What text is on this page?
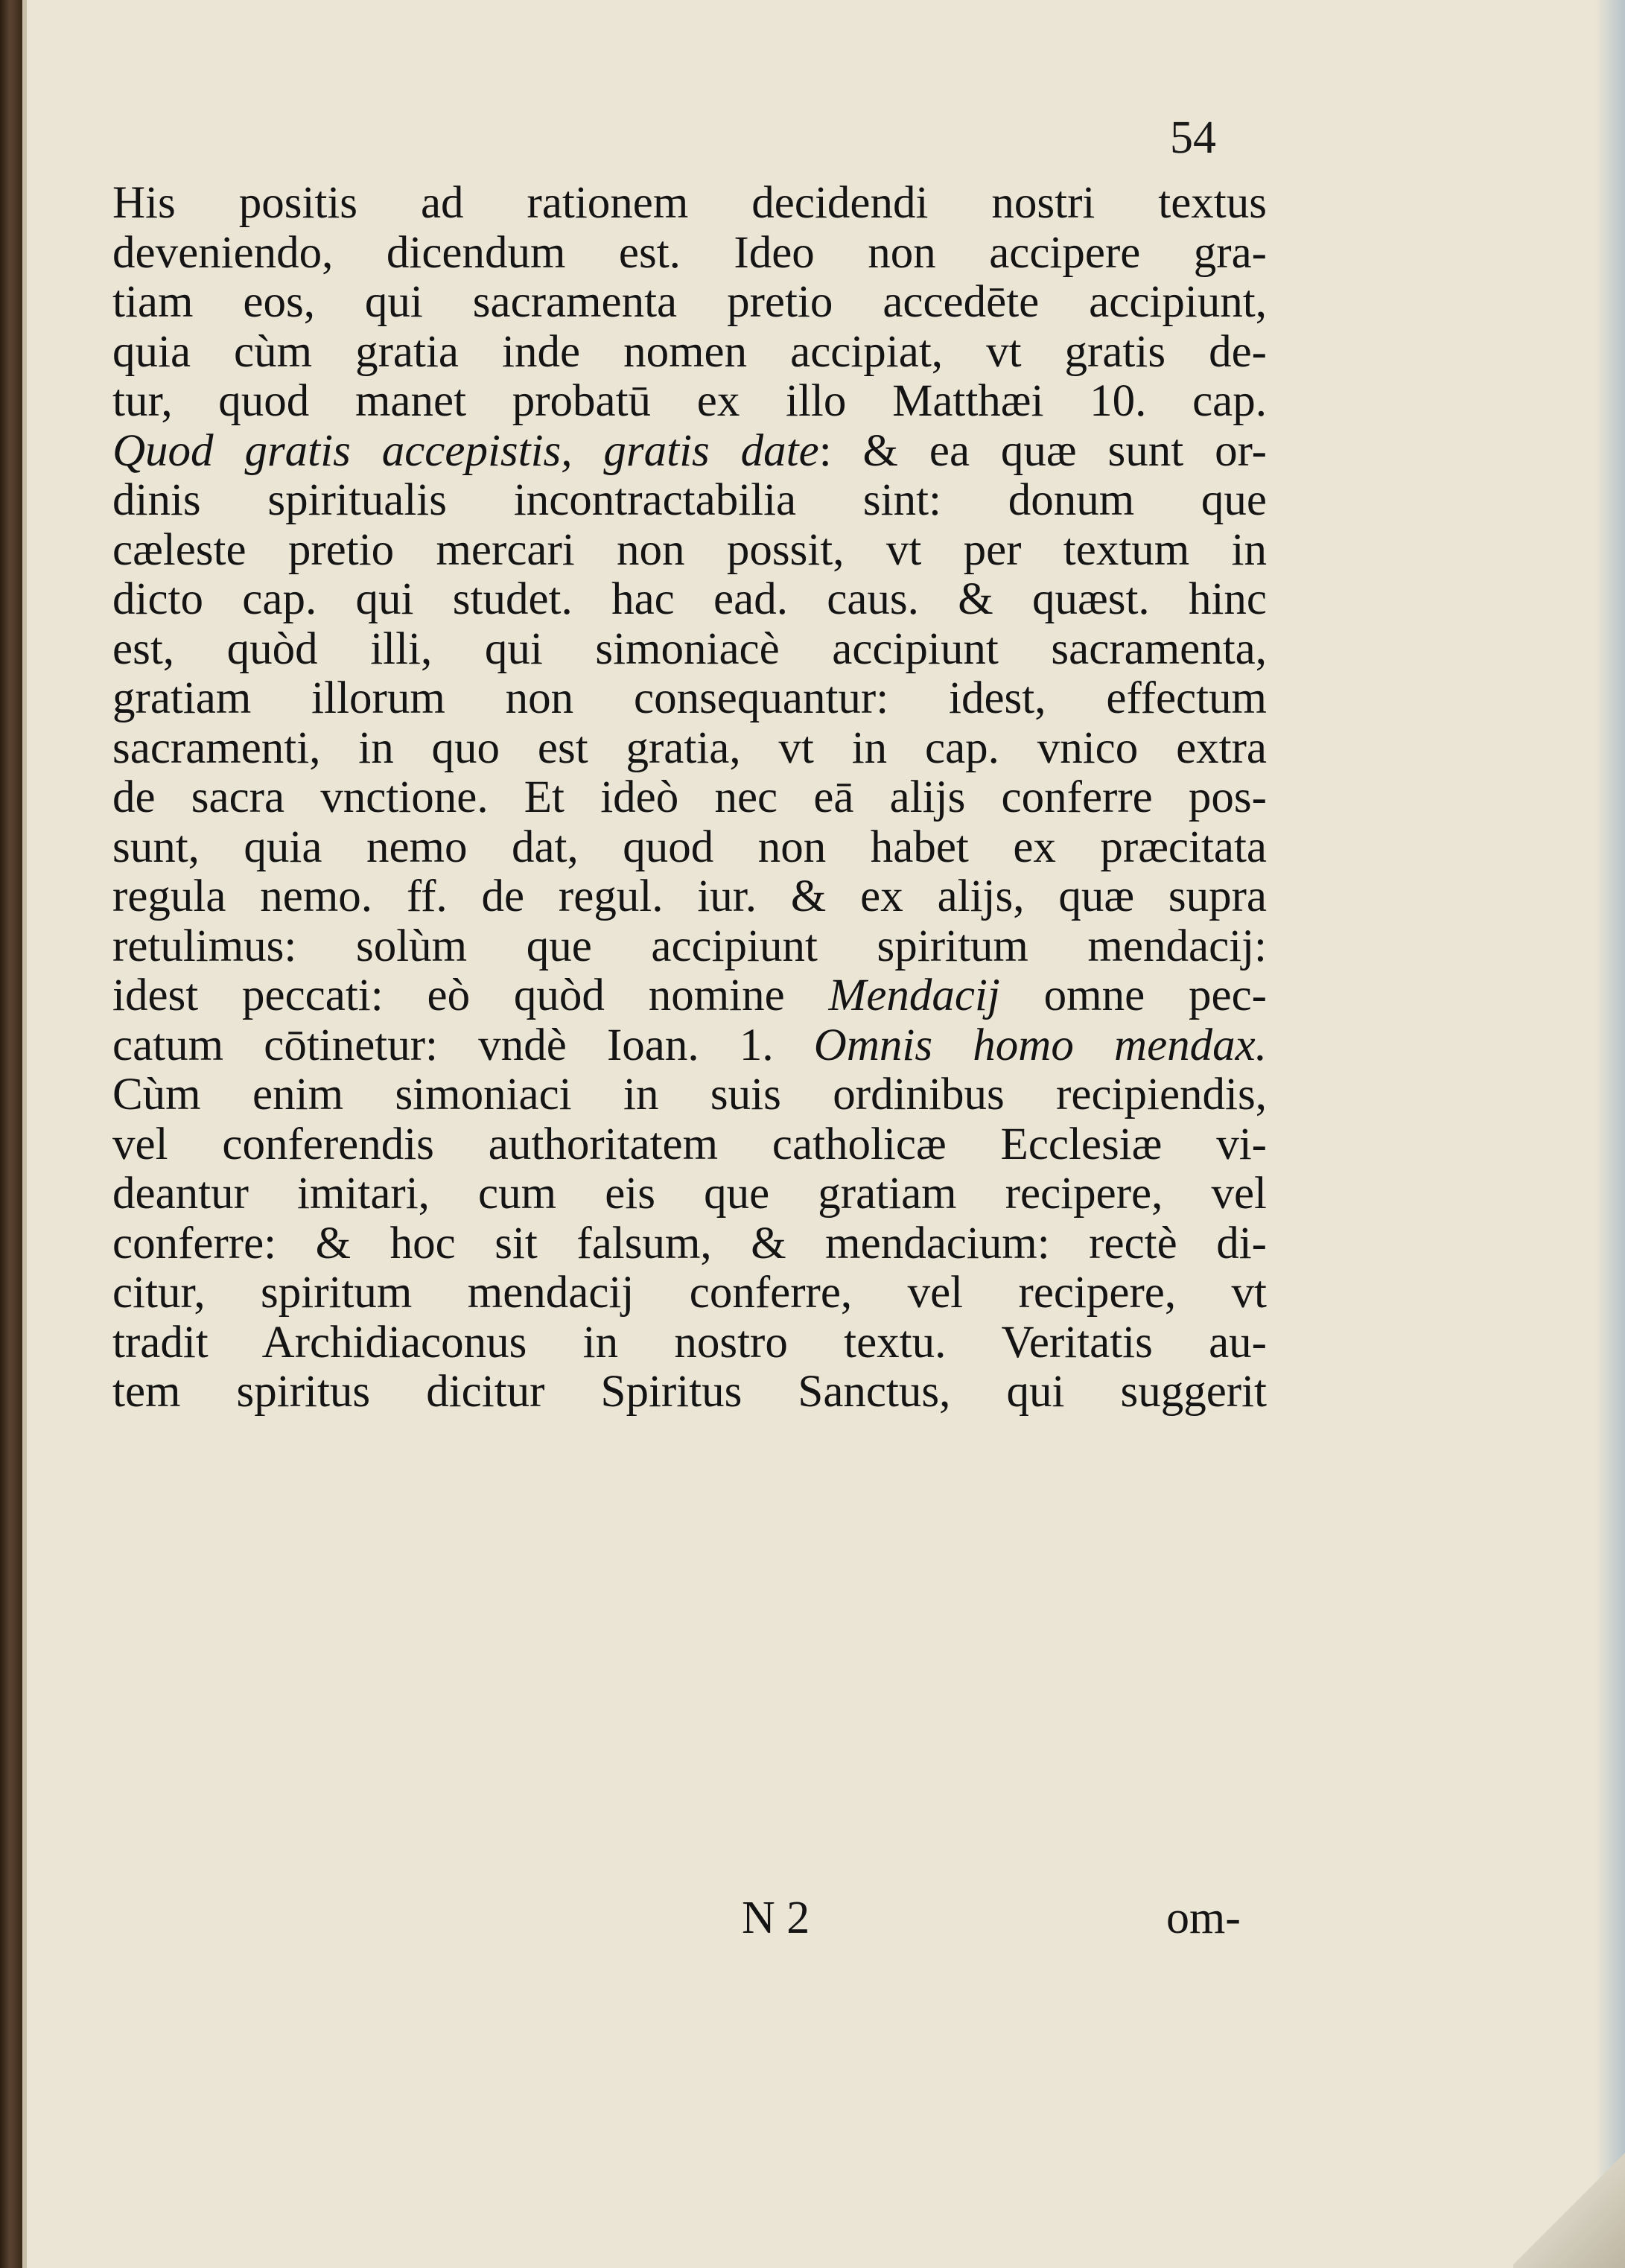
54
His positis ad rationem decidendi nostri textus
deveniendo, dicendum est. Ideo non accipere gra-
tiam eos, qui sacramenta pretio accedēte accipiunt,
quia cùm gratia inde nomen accipiat, vt gratis de-
tur, quod manet probatū ex illo Matthæi 10. cap.
Quod gratis accepistis, gratis date: & ea quæ sunt or-
dinis spiritualis incontractabilia sint: donum que
cæleste pretio mercari non possit, vt per textum in
dicto cap. qui studet. hac ead. caus. & quæst. hinc
est, quòd illi, qui simoniacè accipiunt sacramenta,
gratiam illorum non consequantur: idest, effectum
sacramenti, in quo est gratia, vt in cap. vnico extra
de sacra vnctione. Et ideò nec eā alijs conferre pos-
sunt, quia nemo dat, quod non habet ex præcitata
regula nemo. ff. de regul. iur. & ex alijs, quæ supra
retulimus: solùm que accipiunt spiritum mendacij:
idest peccati: eò quòd nomine Mendacij omne pec-
catum cōtinetur: vndè Ioan. 1. Omnis homo mendax.
Cùm enim simoniaci in suis ordinibus recipiendis,
vel conferendis authoritatem catholicæ Ecclesiæ vi-
deantur imitari, cum eis que gratiam recipere, vel
conferre: & hoc sit falsum, & mendacium: rectè di-
citur, spiritum mendacij conferre, vel recipere, vt
tradit Archidiaconus in nostro textu. Veritatis au-
tem spiritus dicitur Spiritus Sanctus, qui suggerit
N 2	om-
